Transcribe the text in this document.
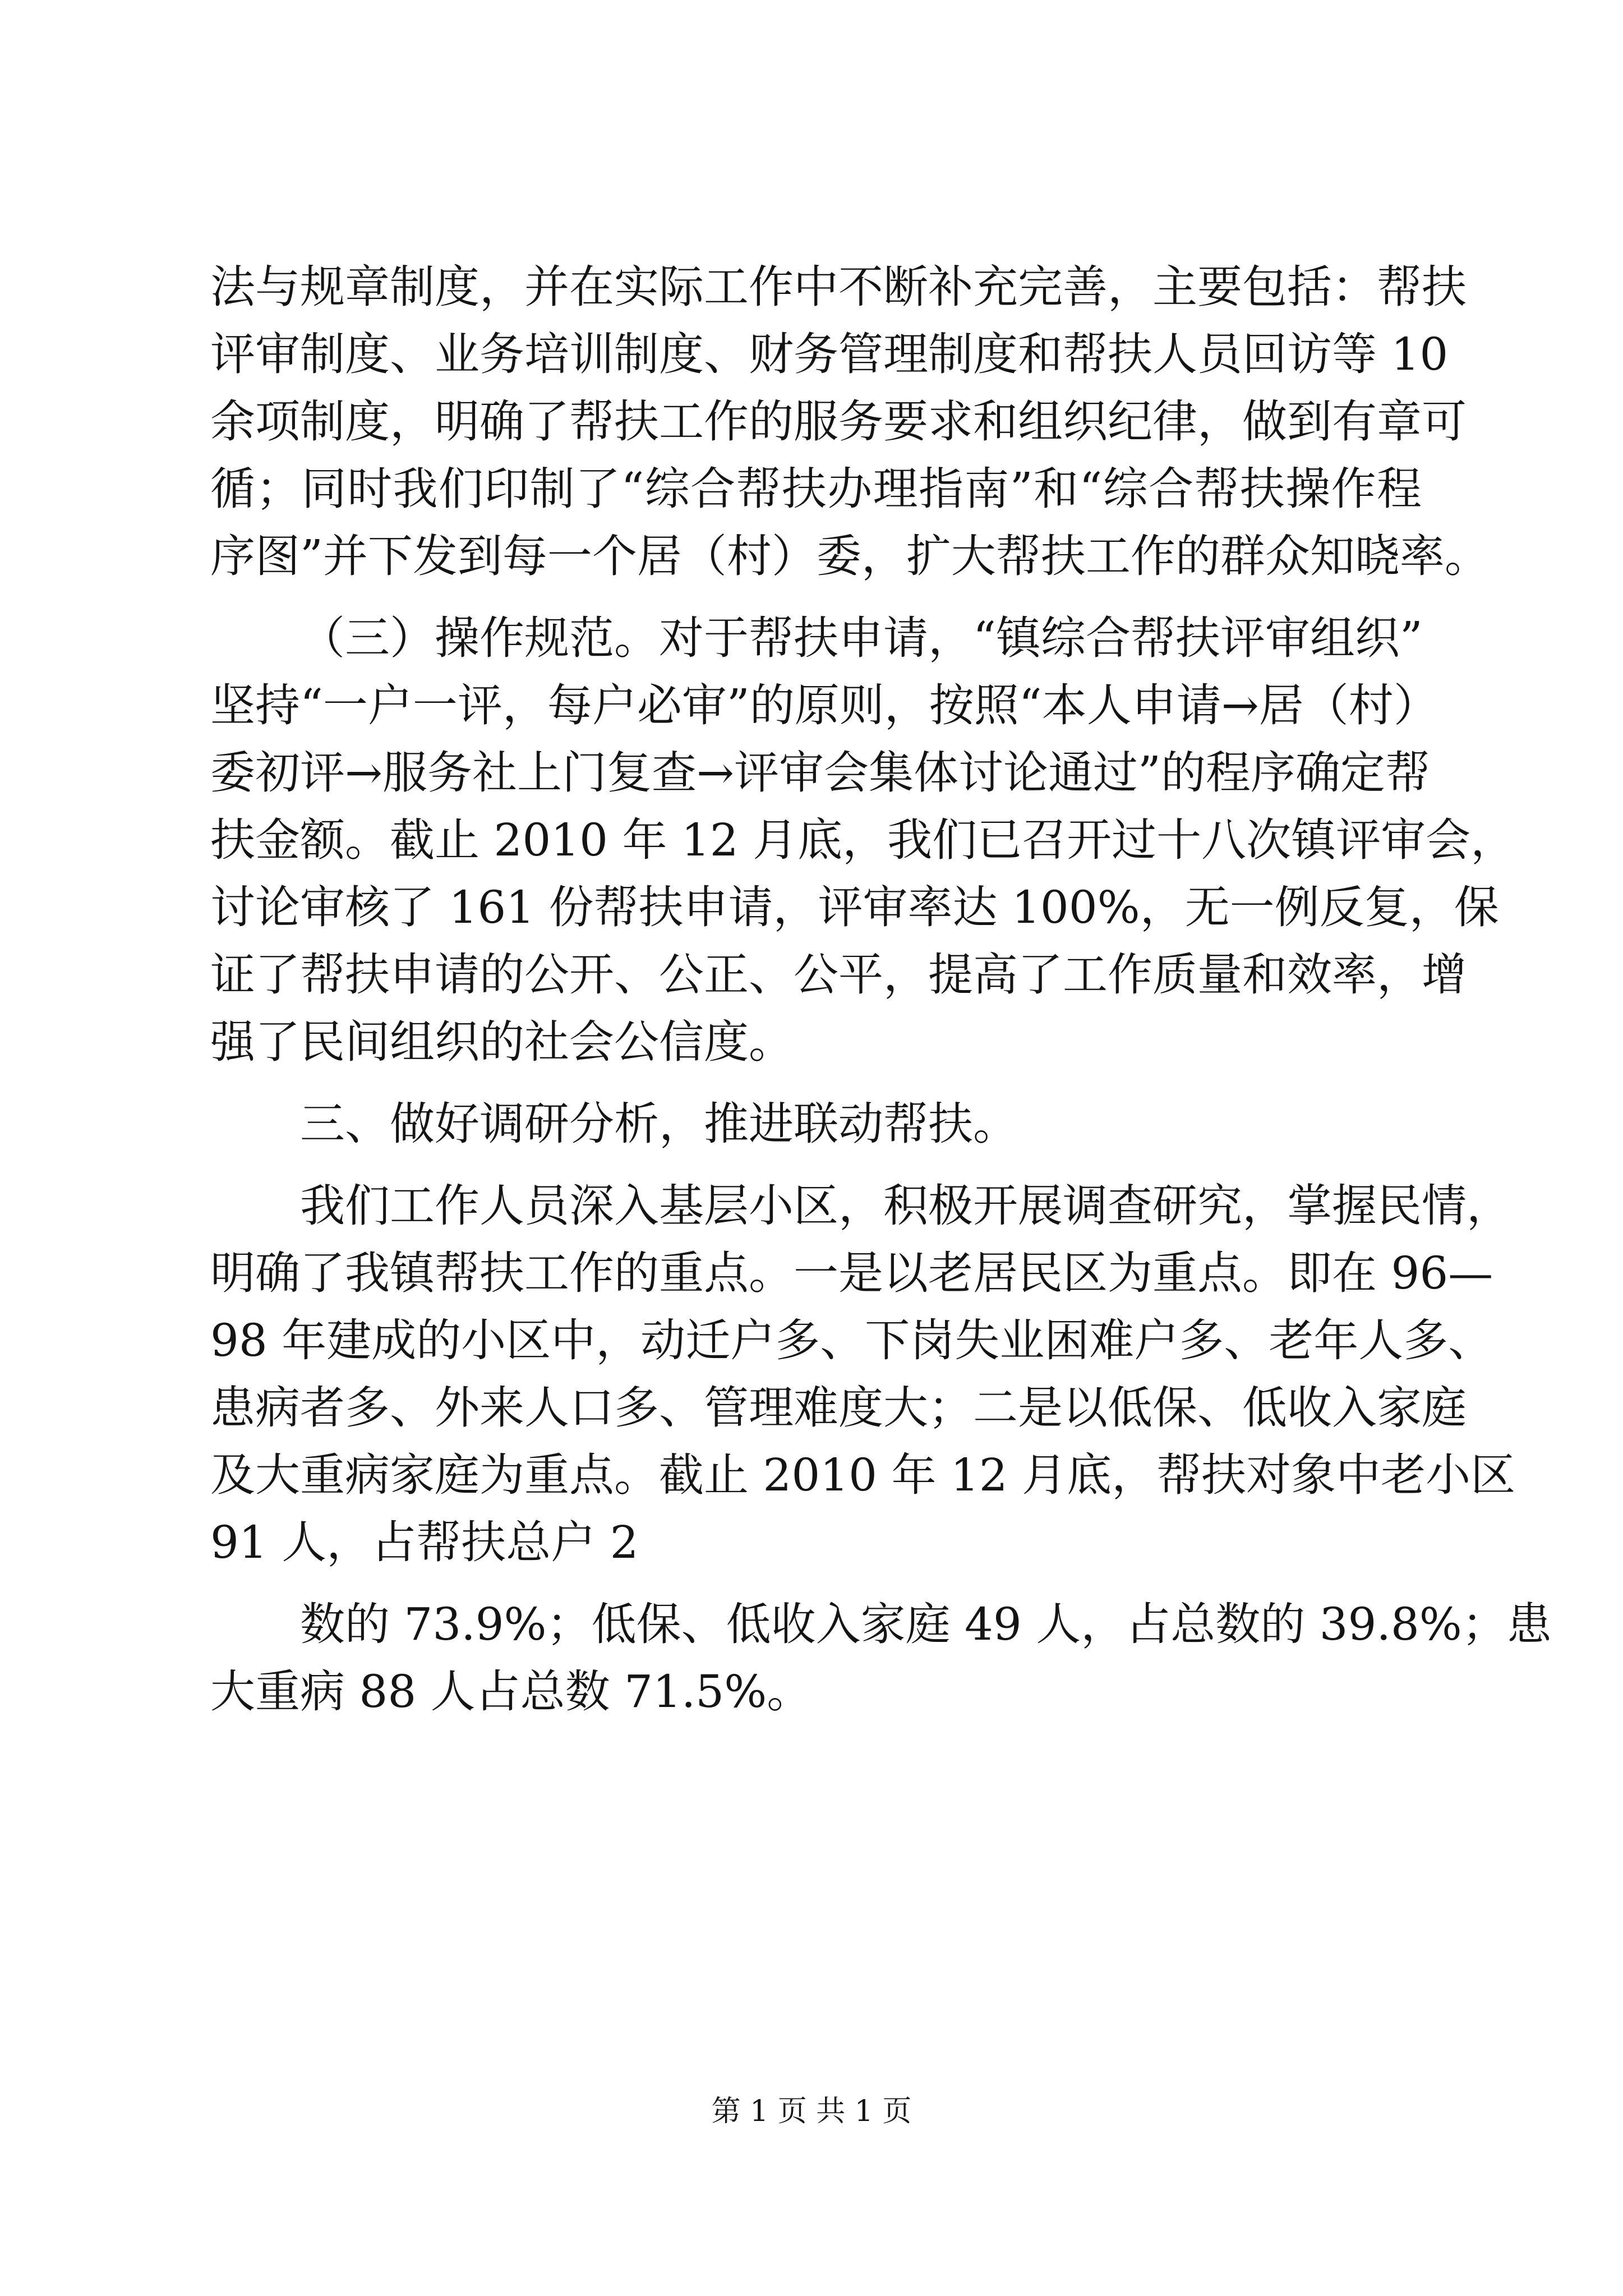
法与规章制度，并在实际工作中不断补充完善，主要包括：帮扶
评审制度、业务培训制度、财务管理制度和帮扶人员回访等 10
余项制度，明确了帮扶工作的服务要求和组织纪律，做到有章可
循；同时我们印制了“综合帮扶办理指南”和“综合帮扶操作程
序图”并下发到每一个居（村）委，扩大帮扶工作的群众知晓率。
（三）操作规范。对于帮扶申请，“镇综合帮扶评审组织”
坚持“一户一评，每户必审”的原则，按照“本人申请→居（村）
委初评→服务社上门复查→评审会集体讨论通过”的程序确定帮
扶金额。截止 2010 年 12 月底，我们已召开过十八次镇评审会，
讨论审核了 161 份帮扶申请，评审率达 100%，无一例反复，保
证了帮扶申请的公开、公正、公平，提高了工作质量和效率，增
强了民间组织的社会公信度。
三、做好调研分析，推进联动帮扶。
我们工作人员深入基层小区，积极开展调查研究，掌握民情，
明确了我镇帮扶工作的重点。一是以老居民区为重点。即在 96—
98 年建成的小区中，动迁户多、下岗失业困难户多、老年人多、
患病者多、外来人口多、管理难度大；二是以低保、低收入家庭
及大重病家庭为重点。截止 2010 年 12 月底，帮扶对象中老小区
91 人，占帮扶总户 2
数的 73.9%；低保、低收入家庭 49 人，占总数的 39.8%；患
大重病 88 人占总数 71.5%。
第 1 页 共 1 页
